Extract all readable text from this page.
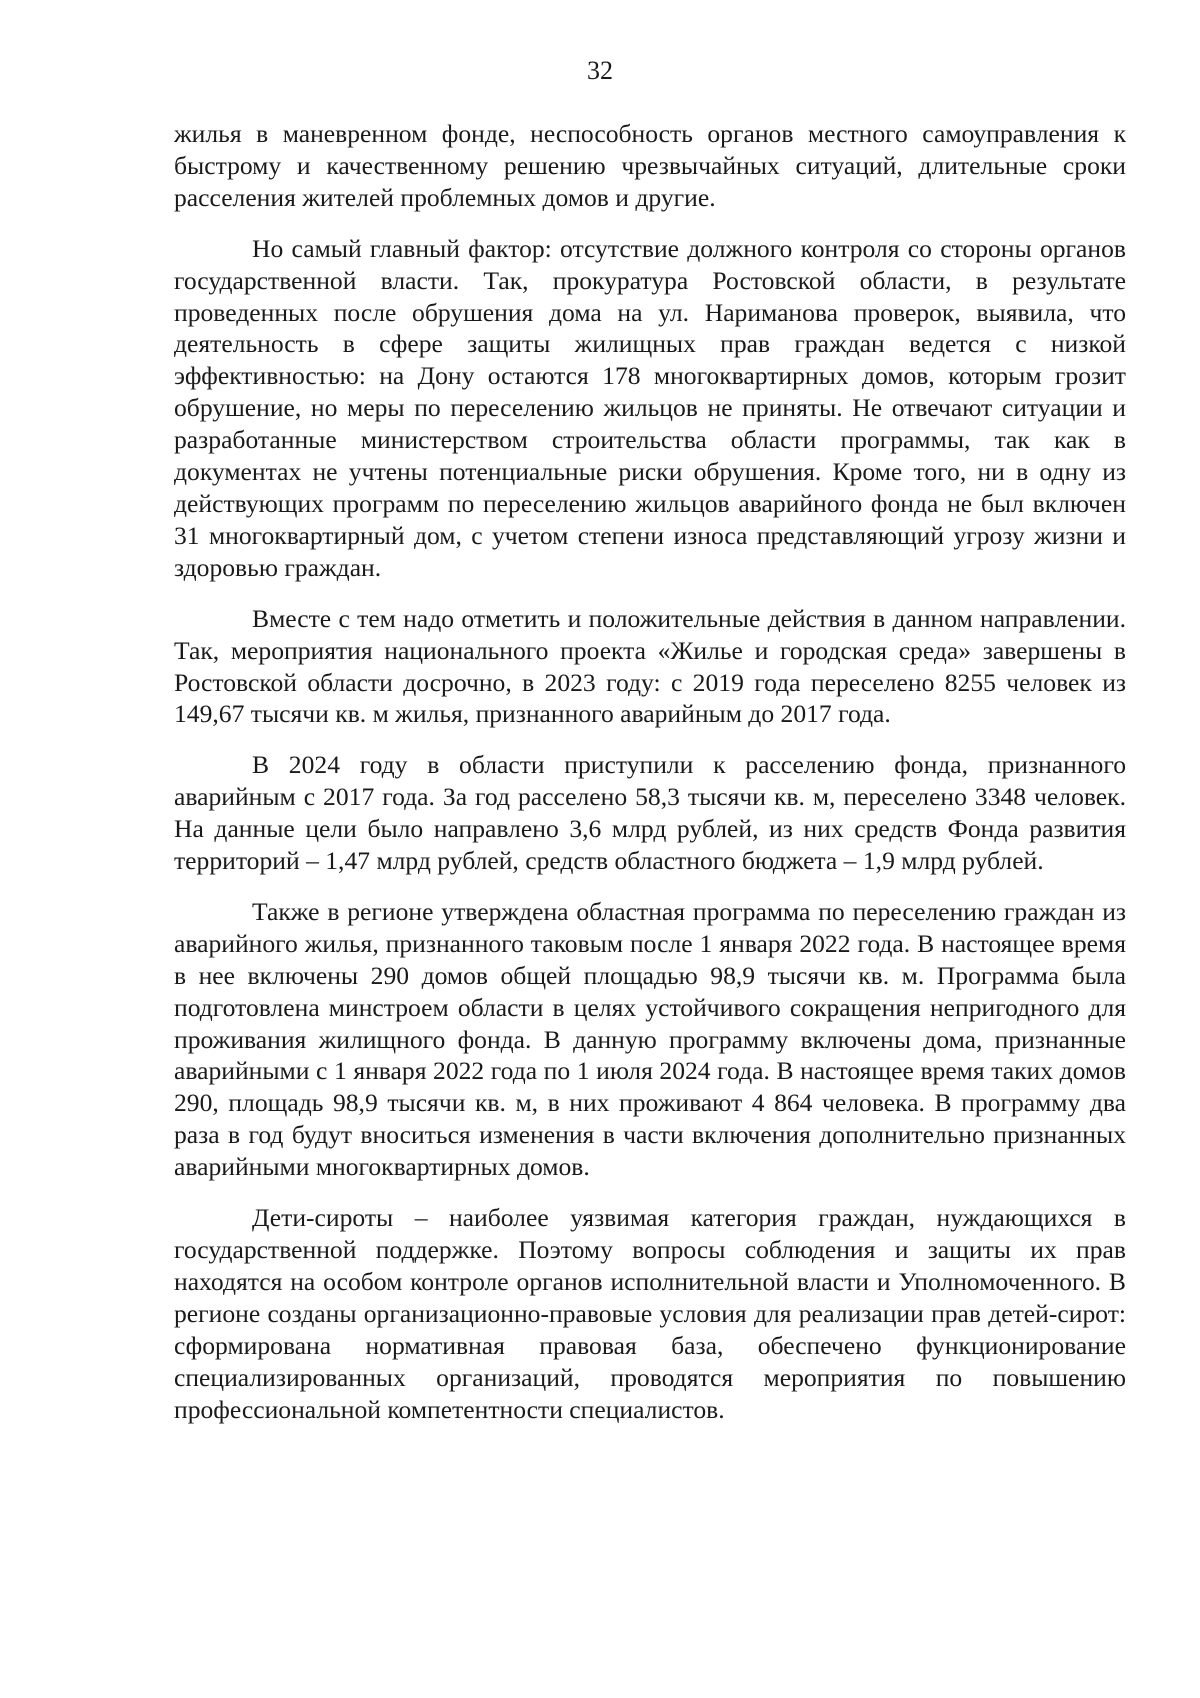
32

жилья в маневренном фонде, неспособность органов местного самоуправления к быстрому и качественному решению чрезвычайных ситуаций, длительные сроки расселения жителей проблемных домов и другие.

Но самый главный фактор: отсутствие должного контроля со стороны органов государственной власти. Так, прокуратура Ростовской области, в результате проведенных после обрушения дома на ул. Нариманова проверок, выявила, что деятельность в сфере защиты жилищных прав граждан ведется с низкой эффективностью: на Дону остаются 178 многоквартирных домов, которым грозит обрушение, но меры по переселению жильцов не приняты. Не отвечают ситуации и разработанные министерством строительства области программы, так как в документах не учтены потенциальные риски обрушения. Кроме того, ни в одну из действующих программ по переселению жильцов аварийного фонда не был включен 31 многоквартирный дом, с учетом степени износа представляющий угрозу жизни и здоровью граждан.

Вместе с тем надо отметить и положительные действия в данном направлении. Так, мероприятия национального проекта «Жилье и городская среда» завершены в Ростовской области досрочно, в 2023 году: с 2019 года переселено 8255 человек из 149,67 тысячи кв. м жилья, признанного аварийным до 2017 года.

В 2024 году в области приступили к расселению фонда, признанного аварийным с 2017 года. За год расселено 58,3 тысячи кв. м, переселено 3348 человек. На данные цели было направлено 3,6 млрд рублей, из них средств Фонда развития территорий – 1,47 млрд рублей, средств областного бюджета – 1,9 млрд рублей.

Также в регионе утверждена областная программа по переселению граждан из аварийного жилья, признанного таковым после 1 января 2022 года. В настоящее время в нее включены 290 домов общей площадью 98,9 тысячи кв. м. Программа была подготовлена минстроем области в целях устойчивого сокращения непригодного для проживания жилищного фонда. В данную программу включены дома, признанные аварийными с 1 января 2022 года по 1 июля 2024 года. В настоящее время таких домов 290, площадь 98,9 тысячи кв. м, в них проживают 4 864 человека. В программу два раза в год будут вноситься изменения в части включения дополнительно признанных аварийными многоквартирных домов.

Дети-сироты – наиболее уязвимая категория граждан, нуждающихся в государственной поддержке. Поэтому вопросы соблюдения и защиты их прав находятся на особом контроле органов исполнительной власти и Уполномоченного. В регионе созданы организационно-правовые условия для реализации прав детей-сирот: сформирована нормативная правовая база, обеспечено функционирование специализированных организаций, проводятся мероприятия по повышению профессиональной компетентности специалистов.
